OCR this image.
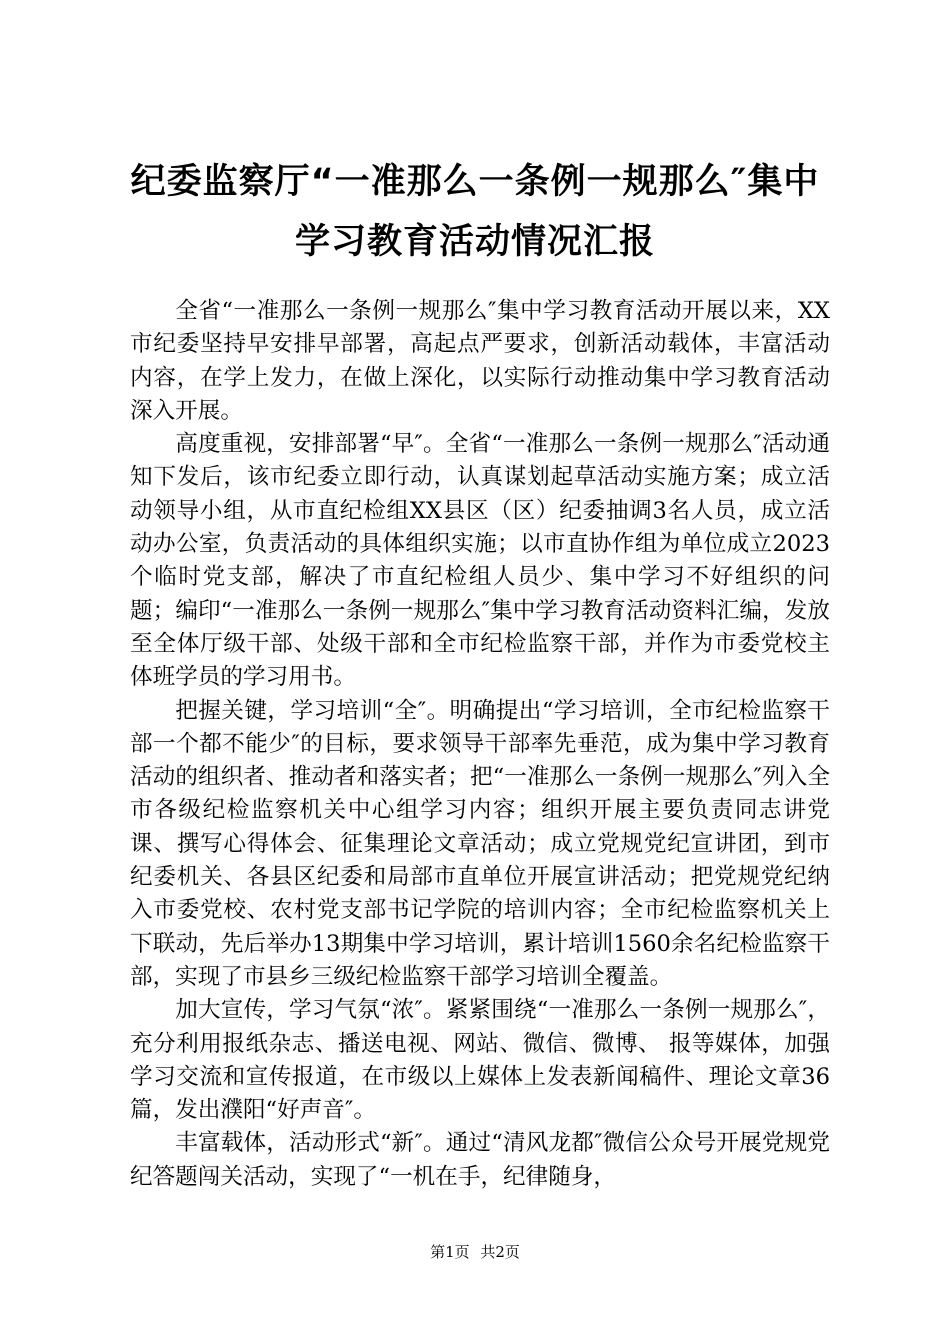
纪委监察厅“一准那么一条例一规那么″集中
学习教育活动情况汇报

全省“一准那么一条例一规那么″集中学习教育活动开展以来，XX市纪委坚持早安排早部署，高起点严要求，创新活动载体，丰富活动内容，在学上发力，在做上深化，以实际行动推动集中学习教育活动深入开展。

高度重视，安排部署“早″。全省“一准那么一条例一规那么″活动通知下发后，该市纪委立即行动，认真谋划起草活动实施方案；成立活动领导小组，从市直纪检组XX县区（区）纪委抽调3名人员，成立活动办公室，负责活动的具体组织实施；以市直协作组为单位成立2023个临时党支部，解决了市直纪检组人员少、集中学习不好组织的问题；编印“一准那么一条例一规那么″集中学习教育活动资料汇编，发放至全体厅级干部、处级干部和全市纪检监察干部，并作为市委党校主体班学员的学习用书。

把握关键，学习培训“全″。明确提出“学习培训，全市纪检监察干部一个都不能少″的目标，要求领导干部率先垂范，成为集中学习教育活动的组织者、推动者和落实者；把“一准那么一条例一规那么″列入全市各级纪检监察机关中心组学习内容；组织开展主要负责同志讲党课、撰写心得体会、征集理论文章活动；成立党规党纪宣讲团，到市纪委机关、各县区纪委和局部市直单位开展宣讲活动；把党规党纪纳入市委党校、农村党支部书记学院的培训内容；全市纪检监察机关上下联动，先后举办13期集中学习培训，累计培训1560余名纪检监察干部，实现了市县乡三级纪检监察干部学习培训全覆盖。

加大宣传，学习气氛“浓″。紧紧围绕“一准那么一条例一规那么″，充分利用报纸杂志、播送电视、网站、微信、微博、 报等媒体，加强学习交流和宣传报道，在市级以上媒体上发表新闻稿件、理论文章36篇，发出濮阳“好声音″。

丰富载体，活动形式“新″。通过“清风龙都″微信公众号开展党规党纪答题闯关活动，实现了“一机在手，纪律随身，

第1页 共2页
